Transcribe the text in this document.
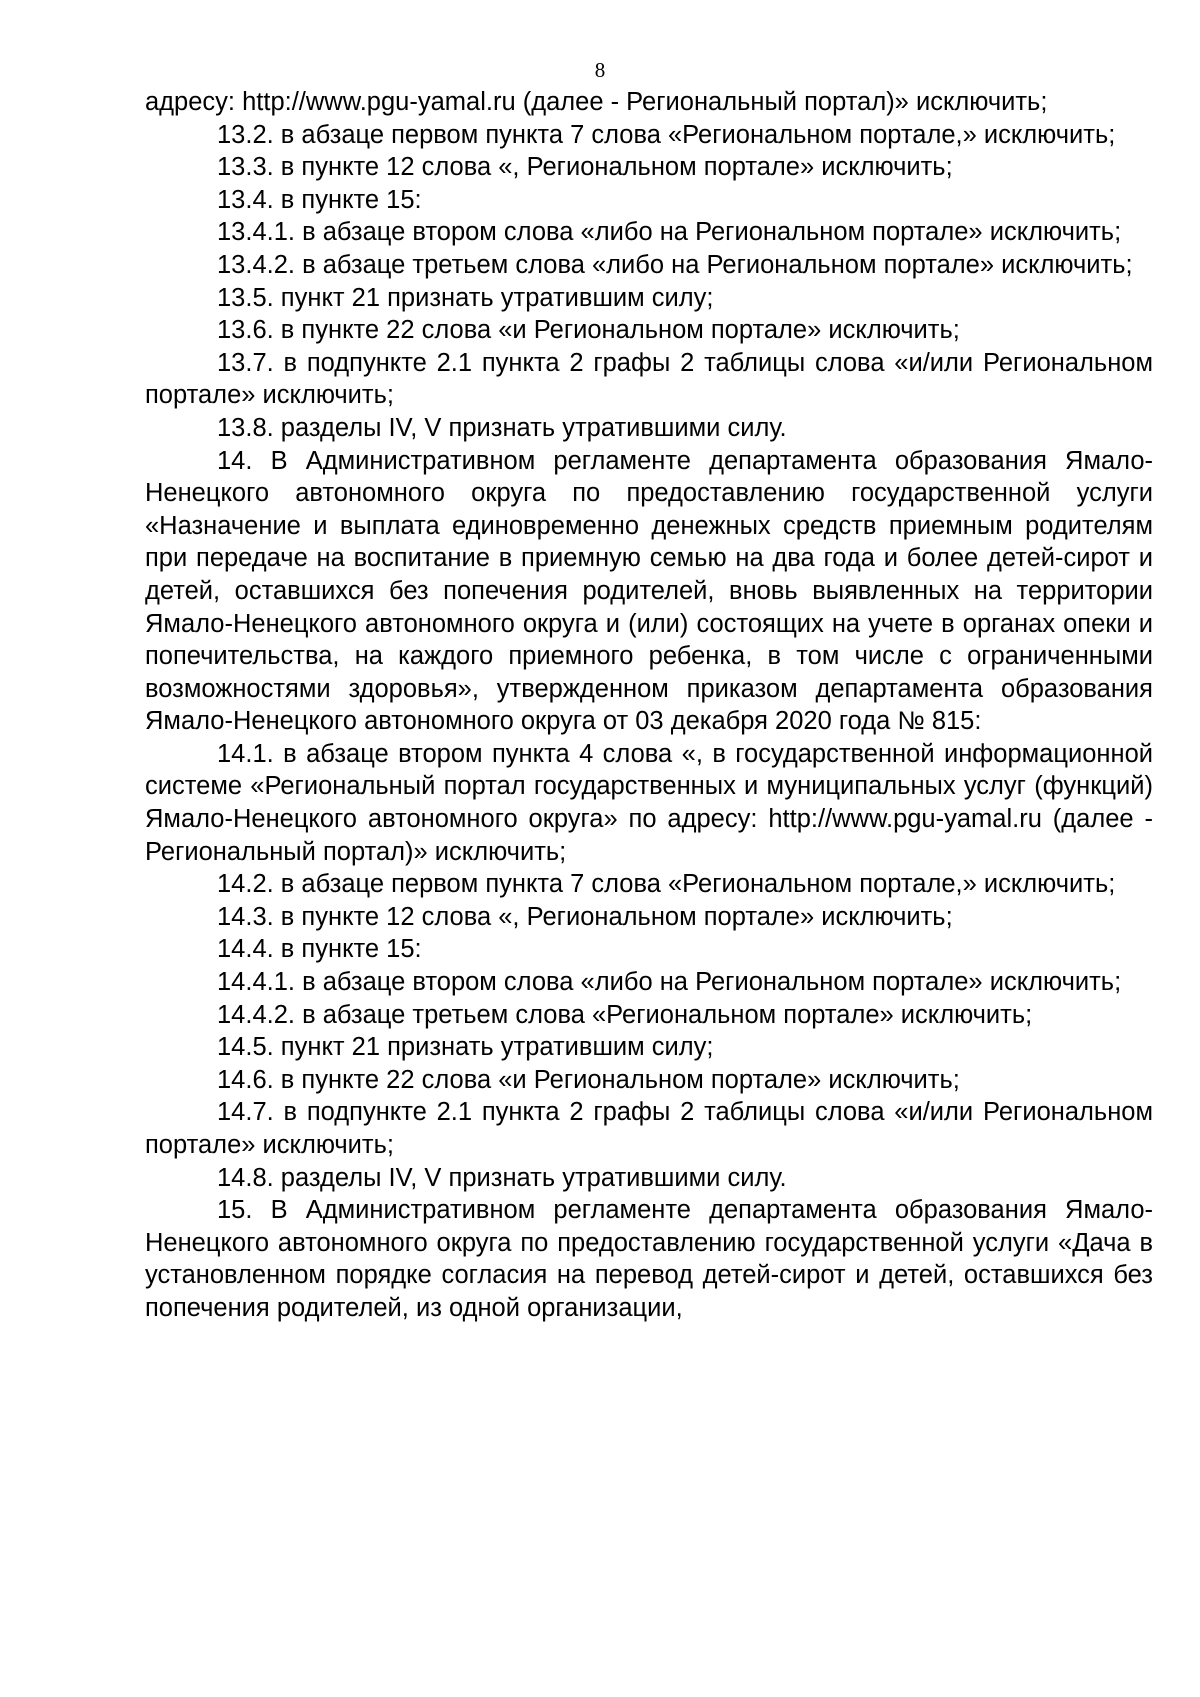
8

адресу: http://www.pgu-yamal.ru (далее - Региональный портал)» исключить;

13.2. в абзаце первом пункта 7 слова «Региональном портале,» исключить;

13.3. в пункте 12 слова «, Региональном портале» исключить;

13.4. в пункте 15:

13.4.1. в абзаце втором слова «либо на Региональном портале» исключить;

13.4.2. в абзаце третьем слова «либо на Региональном портале» исключить;

13.5. пункт 21 признать утратившим силу;

13.6. в пункте 22 слова «и Региональном портале» исключить;

13.7. в подпункте 2.1 пункта 2 графы 2 таблицы слова «и/или Региональном портале» исключить;

13.8. разделы IV, V признать утратившими силу.

14. В Административном регламенте департамента образования Ямало-Ненецкого автономного округа по предоставлению государственной услуги «Назначение и выплата единовременно денежных средств приемным родителям при передаче на воспитание в приемную семью на два года и более детей-сирот и детей, оставшихся без попечения родителей, вновь выявленных на территории Ямало-Ненецкого автономного округа и (или) состоящих на учете в органах опеки и попечительства, на каждого приемного ребенка, в том числе с ограниченными возможностями здоровья», утвержденном приказом департамента образования Ямало-Ненецкого автономного округа от 03 декабря 2020 года № 815:

14.1. в абзаце втором пункта 4 слова «, в государственной информационной системе «Региональный портал государственных и муниципальных услуг (функций) Ямало-Ненецкого автономного округа» по адресу: http://www.pgu-yamal.ru (далее - Региональный портал)» исключить;

14.2. в абзаце первом пункта 7 слова «Региональном портале,» исключить;

14.3. в пункте 12 слова «, Региональном портале» исключить;

14.4. в пункте 15:

14.4.1. в абзаце втором слова «либо на Региональном портале» исключить;

14.4.2. в абзаце третьем слова «Региональном портале» исключить;

14.5. пункт 21 признать утратившим силу;

14.6. в пункте 22 слова «и Региональном портале» исключить;

14.7. в подпункте 2.1 пункта 2 графы 2 таблицы слова «и/или Региональном портале» исключить;

14.8. разделы IV, V признать утратившими силу.

15. В Административном регламенте департамента образования Ямало-Ненецкого автономного округа по предоставлению государственной услуги «Дача в установленном порядке согласия на перевод детей-сирот и детей, оставшихся без попечения родителей, из одной организации,
